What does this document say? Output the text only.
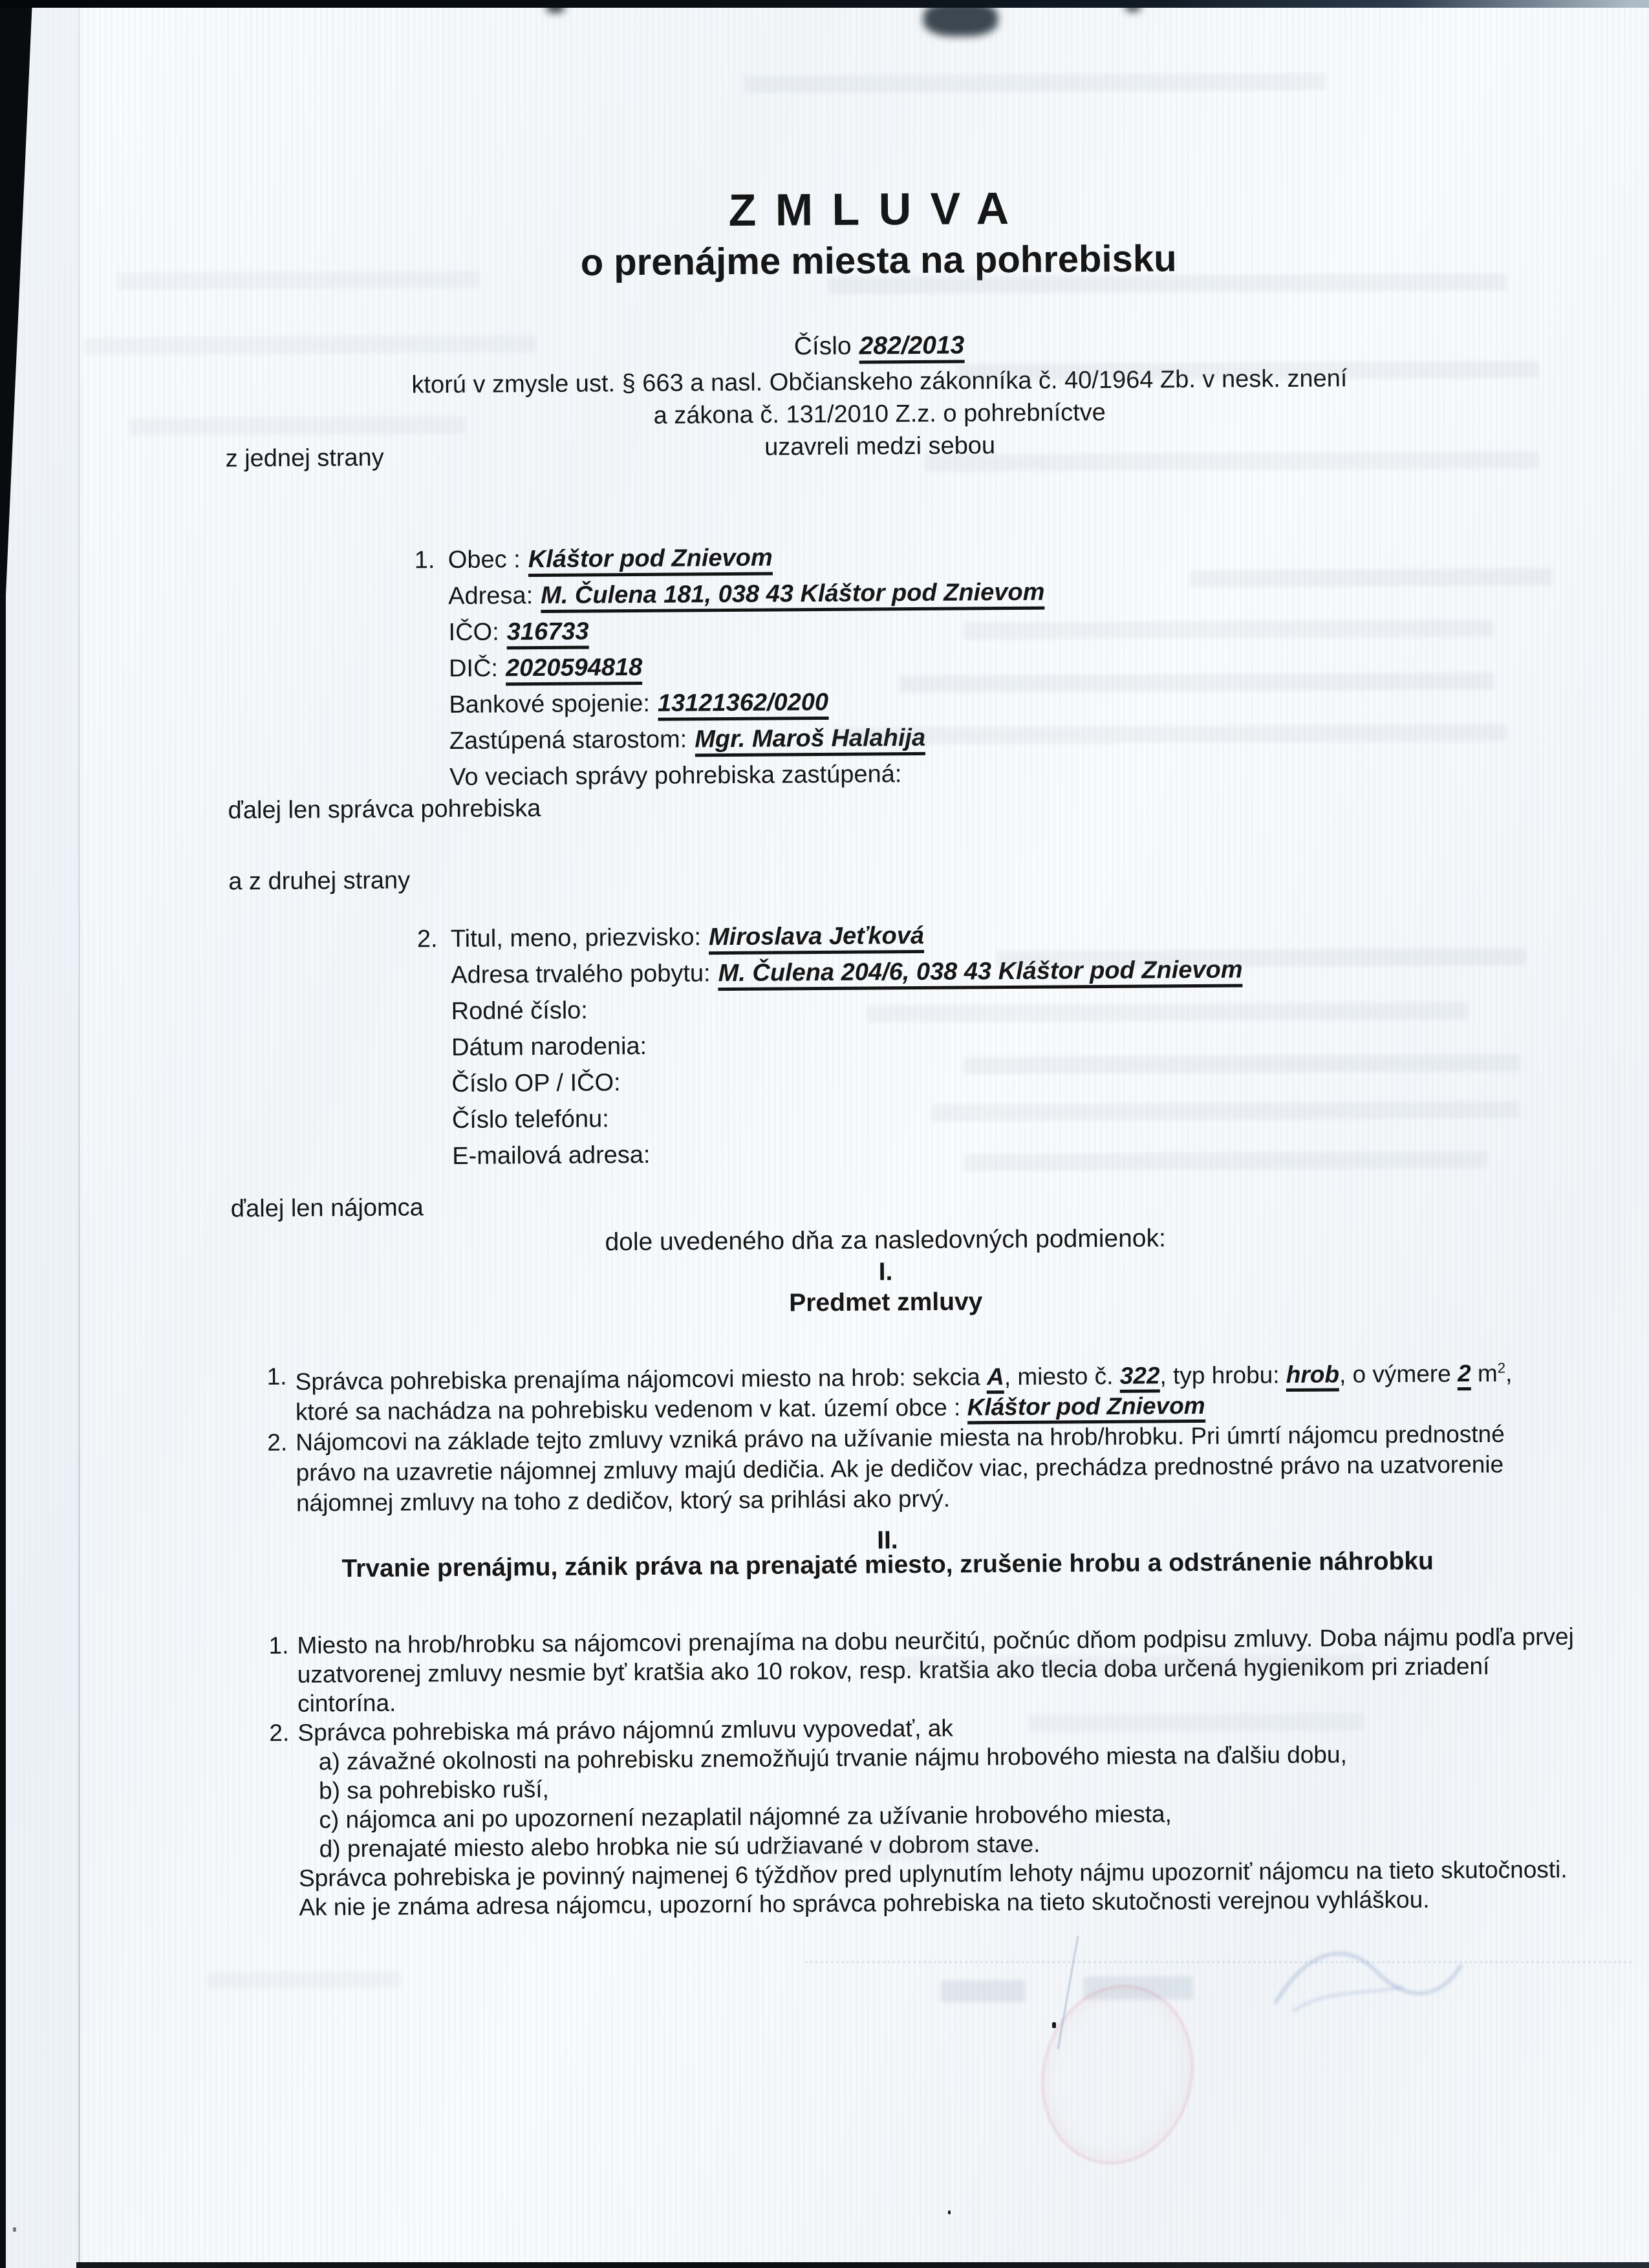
ZMLUVA
o prenájme miesta na pohrebisku
Číslo 282/2013
ktorú v zmysle ust. § 663 a nasl. Občianskeho zákonníka č. 40/1964 Zb. v nesk. znení
a zákona č. 131/2010 Z.z. o pohrebníctve
uzavreli medzi sebou
z jednej strany
1. Obec : Kláštor pod Znievom
Adresa: M. Čulena 181, 038 43 Kláštor pod Znievom
IČO: 316733
DIČ: 2020594818
Bankové spojenie: 13121362/0200
Zastúpená starostom: Mgr. Maroš Halahija
Vo veciach správy pohrebiska zastúpená:
ďalej len správca pohrebiska
a z druhej strany
2. Titul, meno, priezvisko: Miroslava Jeťková
Adresa trvalého pobytu: M. Čulena 204/6, 038 43 Kláštor pod Znievom
Rodné číslo:
Dátum narodenia:
Číslo OP / IČO:
Číslo telefónu:
E-mailová adresa:
ďalej len nájomca
dole uvedeného dňa za nasledovných podmienok:
I.
Predmet zmluvy
1. Správca pohrebiska prenajíma nájomcovi miesto na hrob: sekcia A, miesto č. 322, typ hrobu: hrob, o výmere 2 $m^2$, ktoré sa nachádza na pohrebisku vedenom v kat. území obce : Kláštor pod Znievom
2. Nájomcovi na základe tejto zmluvy vzniká právo na užívanie miesta na hrob/hrobku. Pri úmrtí nájomcu prednostné právo na uzavretie nájomnej zmluvy majú dedičia. Ak je dedičov viac, prechádza prednostné právo na uzatvorenie nájomnej zmluvy na toho z dedičov, ktorý sa prihlási ako prvý.
II.
Trvanie prenájmu, zánik práva na prenajaté miesto, zrušenie hrobu a odstránenie náhrobku
1. Miesto na hrob/hrobku sa nájomcovi prenajíma na dobu neurčitú, počnúc dňom podpisu zmluvy. Doba nájmu podľa prvej uzatvorenej zmluvy nesmie byť kratšia ako 10 rokov, resp. kratšia ako tlecia doba určená hygienikom pri zriadení cintorína.
2. Správca pohrebiska má právo nájomnú zmluvu vypovedať, ak
a) závažné okolnosti na pohrebisku znemožňujú trvanie nájmu hrobového miesta na ďalšiu dobu,
b) sa pohrebisko ruší,
c) nájomca ani po upozornení nezaplatil nájomné za užívanie hrobového miesta,
d) prenajaté miesto alebo hrobka nie sú udržiavané v dobrom stave.
Správca pohrebiska je povinný najmenej 6 týždňov pred uplynutím lehoty nájmu upozorniť nájomcu na tieto skutočnosti. Ak nie je známa adresa nájomcu, upozorní ho správca pohrebiska na tieto skutočnosti verejnou vyhláškou.
